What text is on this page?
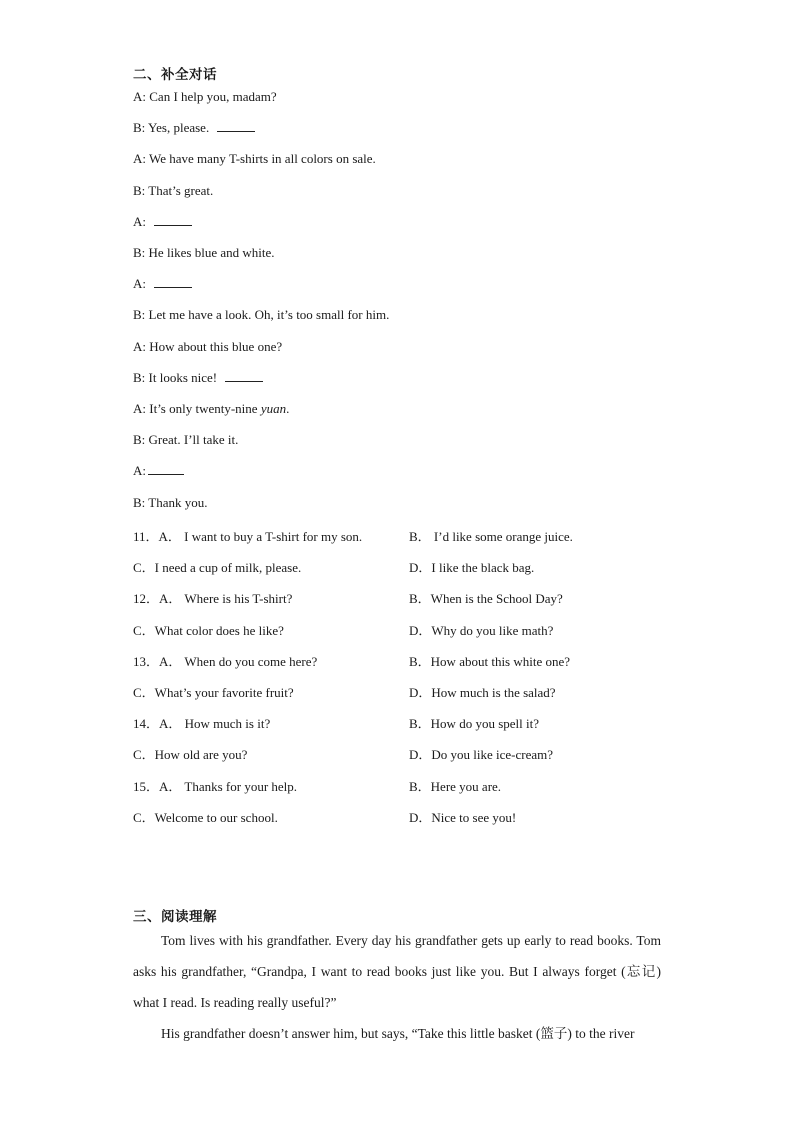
二、补全对话
A: Can I help you, madam?
B: Yes, please.
A: We have many T-shirts in all colors on sale.
B: That’s great.
A:
B: He likes blue and white.
A:
B: Let me have a look. Oh, it’s too small for him.
A: How about this blue one?
B: It looks nice!
A: It’s only twenty-nine yuan.
B: Great. I’ll take it.
A:
B: Thank you.
11．A． I want to buy a T-shirt for my son.	B． I’d like some orange juice.
C．I need a cup of milk, please.	D．I like the black bag.
12．A． Where is his T-shirt?	B．When is the School Day?
C．What color does he like?	D．Why do you like math?
13．A． When do you come here?	B．How about this white one?
C．What’s your favorite fruit?	D．How much is the salad?
14．A． How much is it?	B．How do you spell it?
C．How old are you?	D．Do you like ice-cream?
15．A． Thanks for your help.	B．Here you are.
C．Welcome to our school.	D．Nice to see you!
三、阅读理解
Tom lives with his grandfather. Every day his grandfather gets up early to read books. Tom asks his grandfather, “Grandpa, I want to read books just like you. But I always forget (忘记) what I read. Is reading really useful?”
His grandfather doesn’t answer him, but says, “Take this little basket (篮子) to the river
